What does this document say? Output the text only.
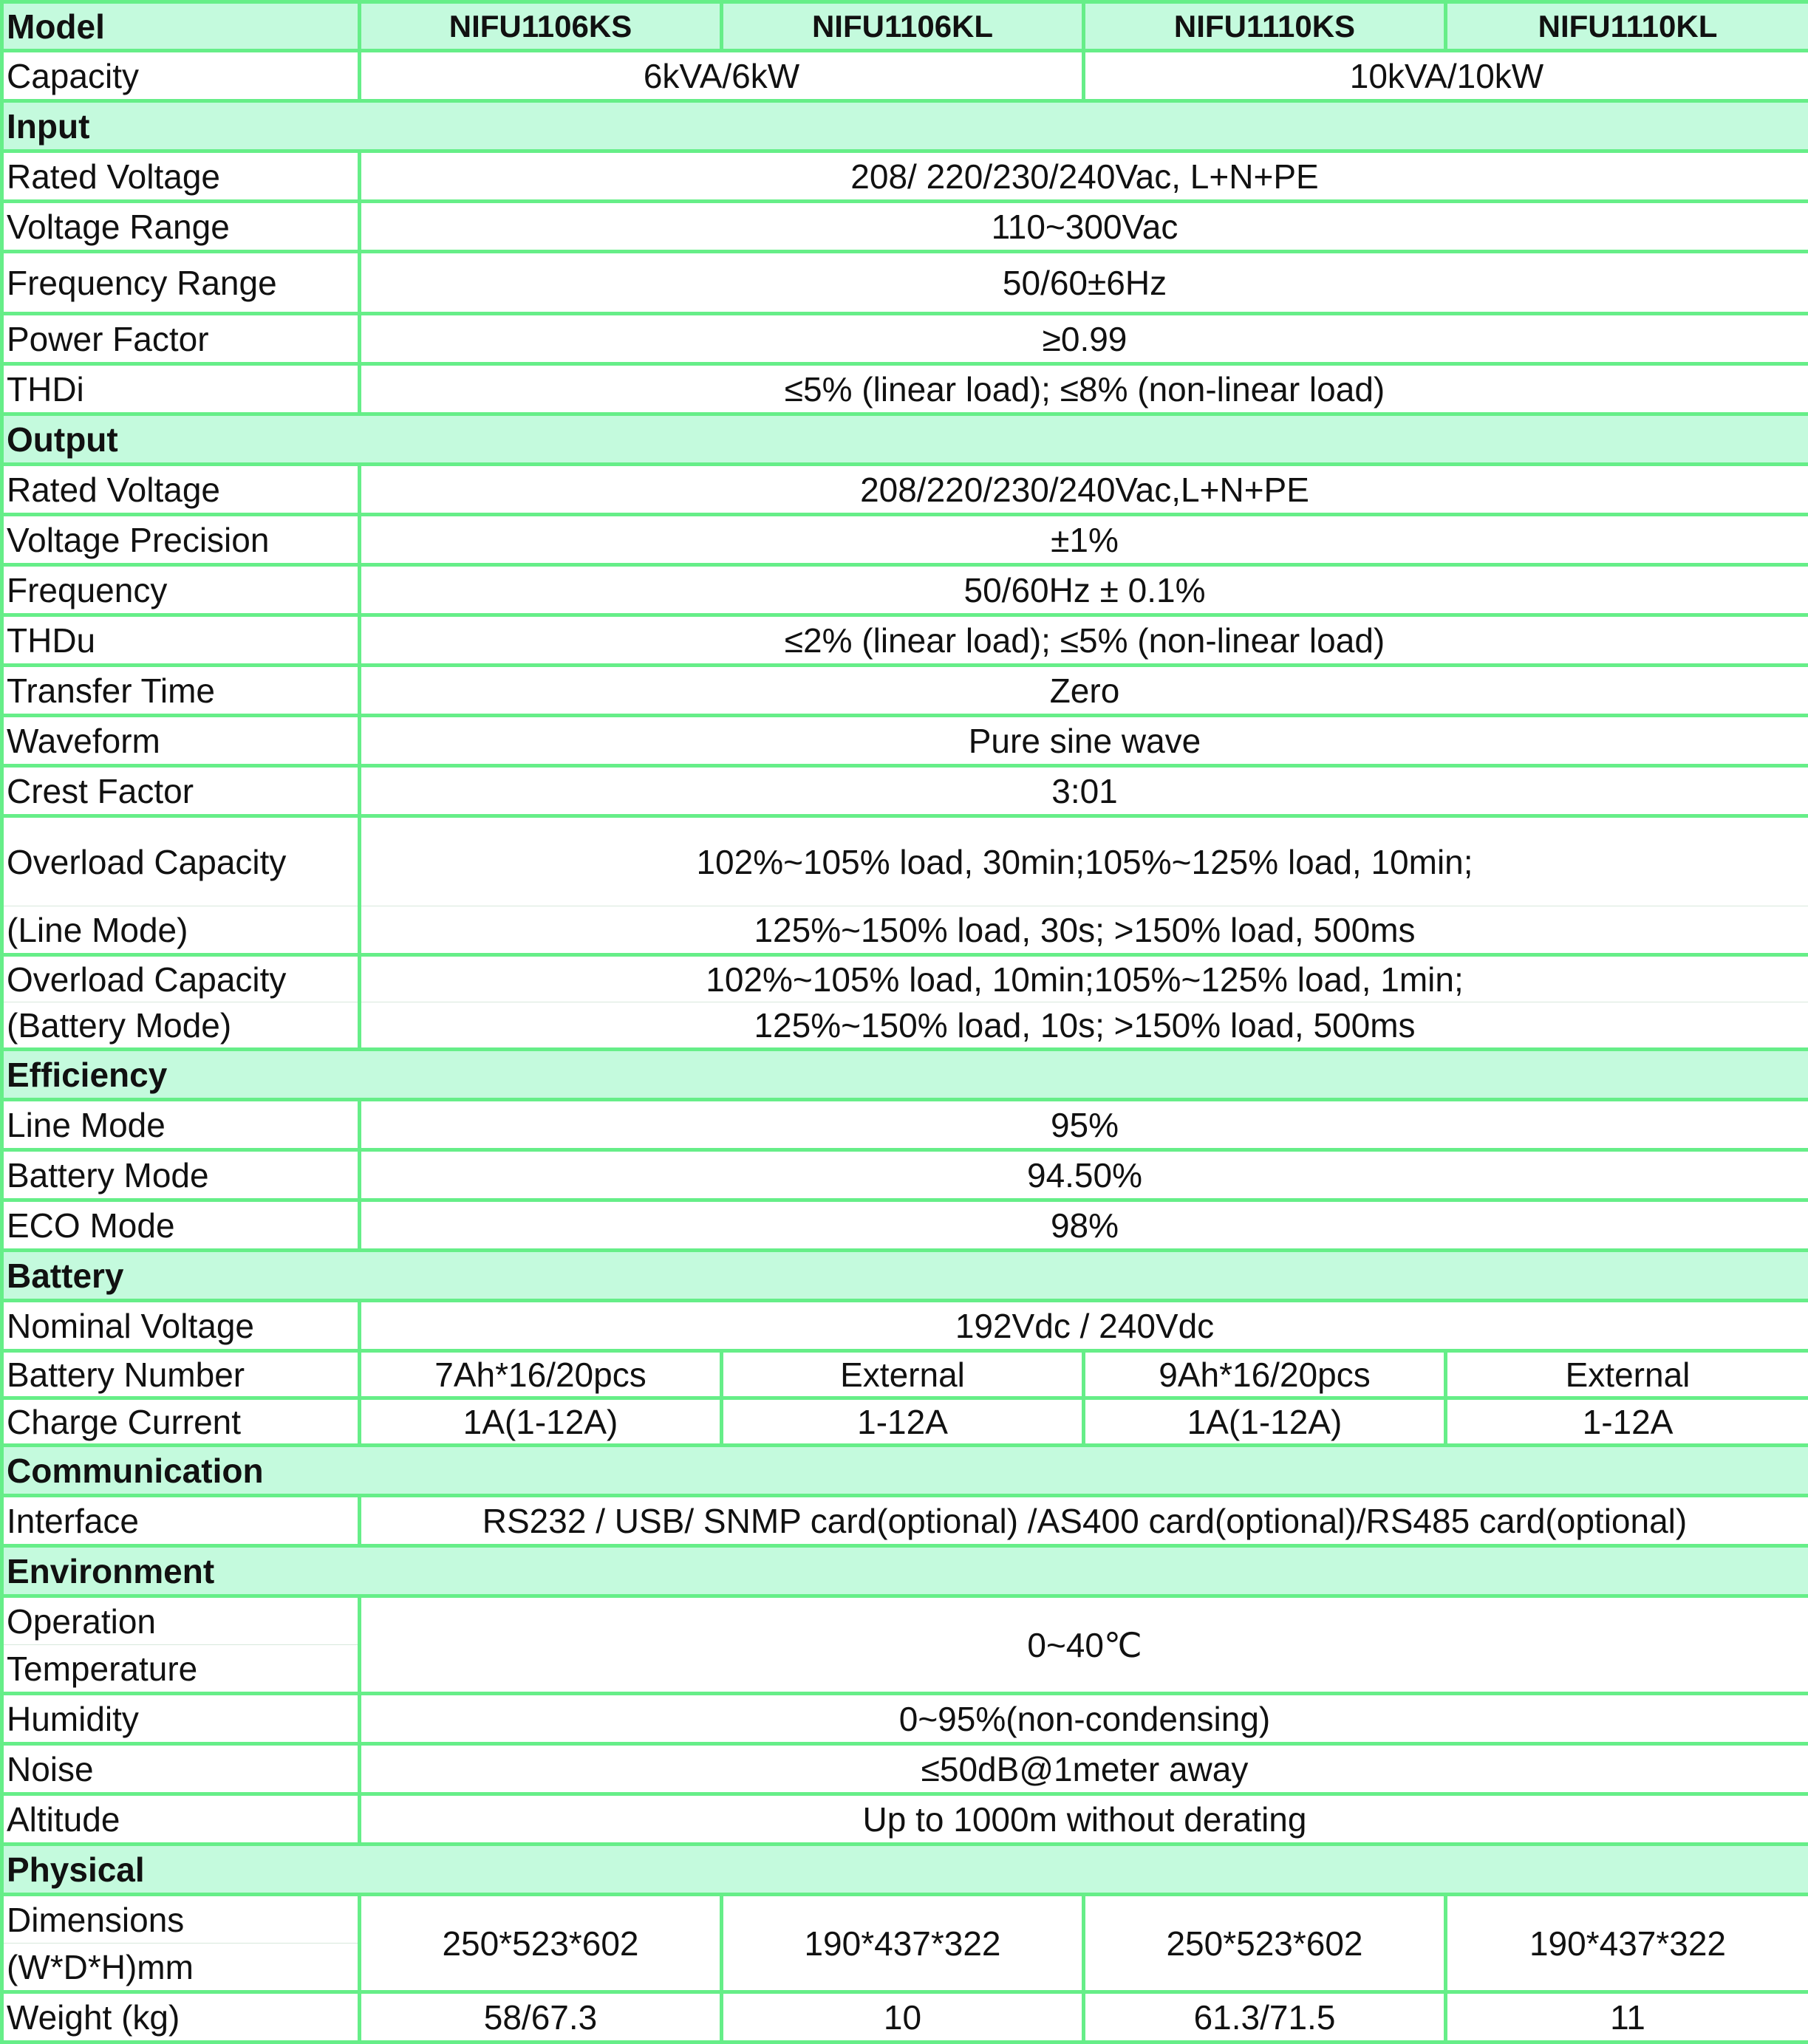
Model	NIFU1106KS	NIFU1106KL	NIFU1110KS	NIFU1110KL
Capacity	6kVA/6kW		10kVA/10kW	
Input				
Rated Voltage	208/ 220/230/240Vac, L+N+PE			
Voltage Range	110~300Vac			
Frequency Range	50/60±6Hz			
Power Factor	≥0.99			
THDi	≤5% (linear load); ≤8% (non-linear load)			
Output				
Rated Voltage	208/220/230/240Vac,L+N+PE			
Voltage Precision	±1%			
Frequency	50/60Hz ± 0.1%			
THDu	≤2% (linear load); ≤5% (non-linear load)			
Transfer Time	Zero			
Waveform	Pure sine wave			
Crest Factor	3:01			
Overload Capacity	102%~105% load, 30min;105%~125% load, 10min;			
(Line Mode)	125%~150% load, 30s; >150% load, 500ms			
Overload Capacity	102%~105% load, 10min;105%~125% load, 1min;			
(Battery Mode)	125%~150% load, 10s; >150% load, 500ms			
Efficiency				
Line Mode	95%			
Battery Mode	94.50%			
ECO Mode	98%			
Battery				
Nominal Voltage	192Vdc / 240Vdc			
Battery Number	7Ah*16/20pcs	External	9Ah*16/20pcs	External
Charge Current	1A(1-12A)	1-12A	1A(1-12A)	1-12A
Communication				
Interface	RS232 / USB/ SNMP card(optional) /AS400 card(optional)/RS485 card(optional)			
Environment				
Operation	0~40℃			
Temperature				
Humidity	0~95%(non-condensing)			
Noise	≤50dB@1meter away			
Altitude	Up to 1000m without derating			
Physical				
Dimensions	250*523*602	190*437*322	250*523*602	190*437*322
(W*D*H)mm				
Weight (kg)	58/67.3	10	61.3/71.5	11
